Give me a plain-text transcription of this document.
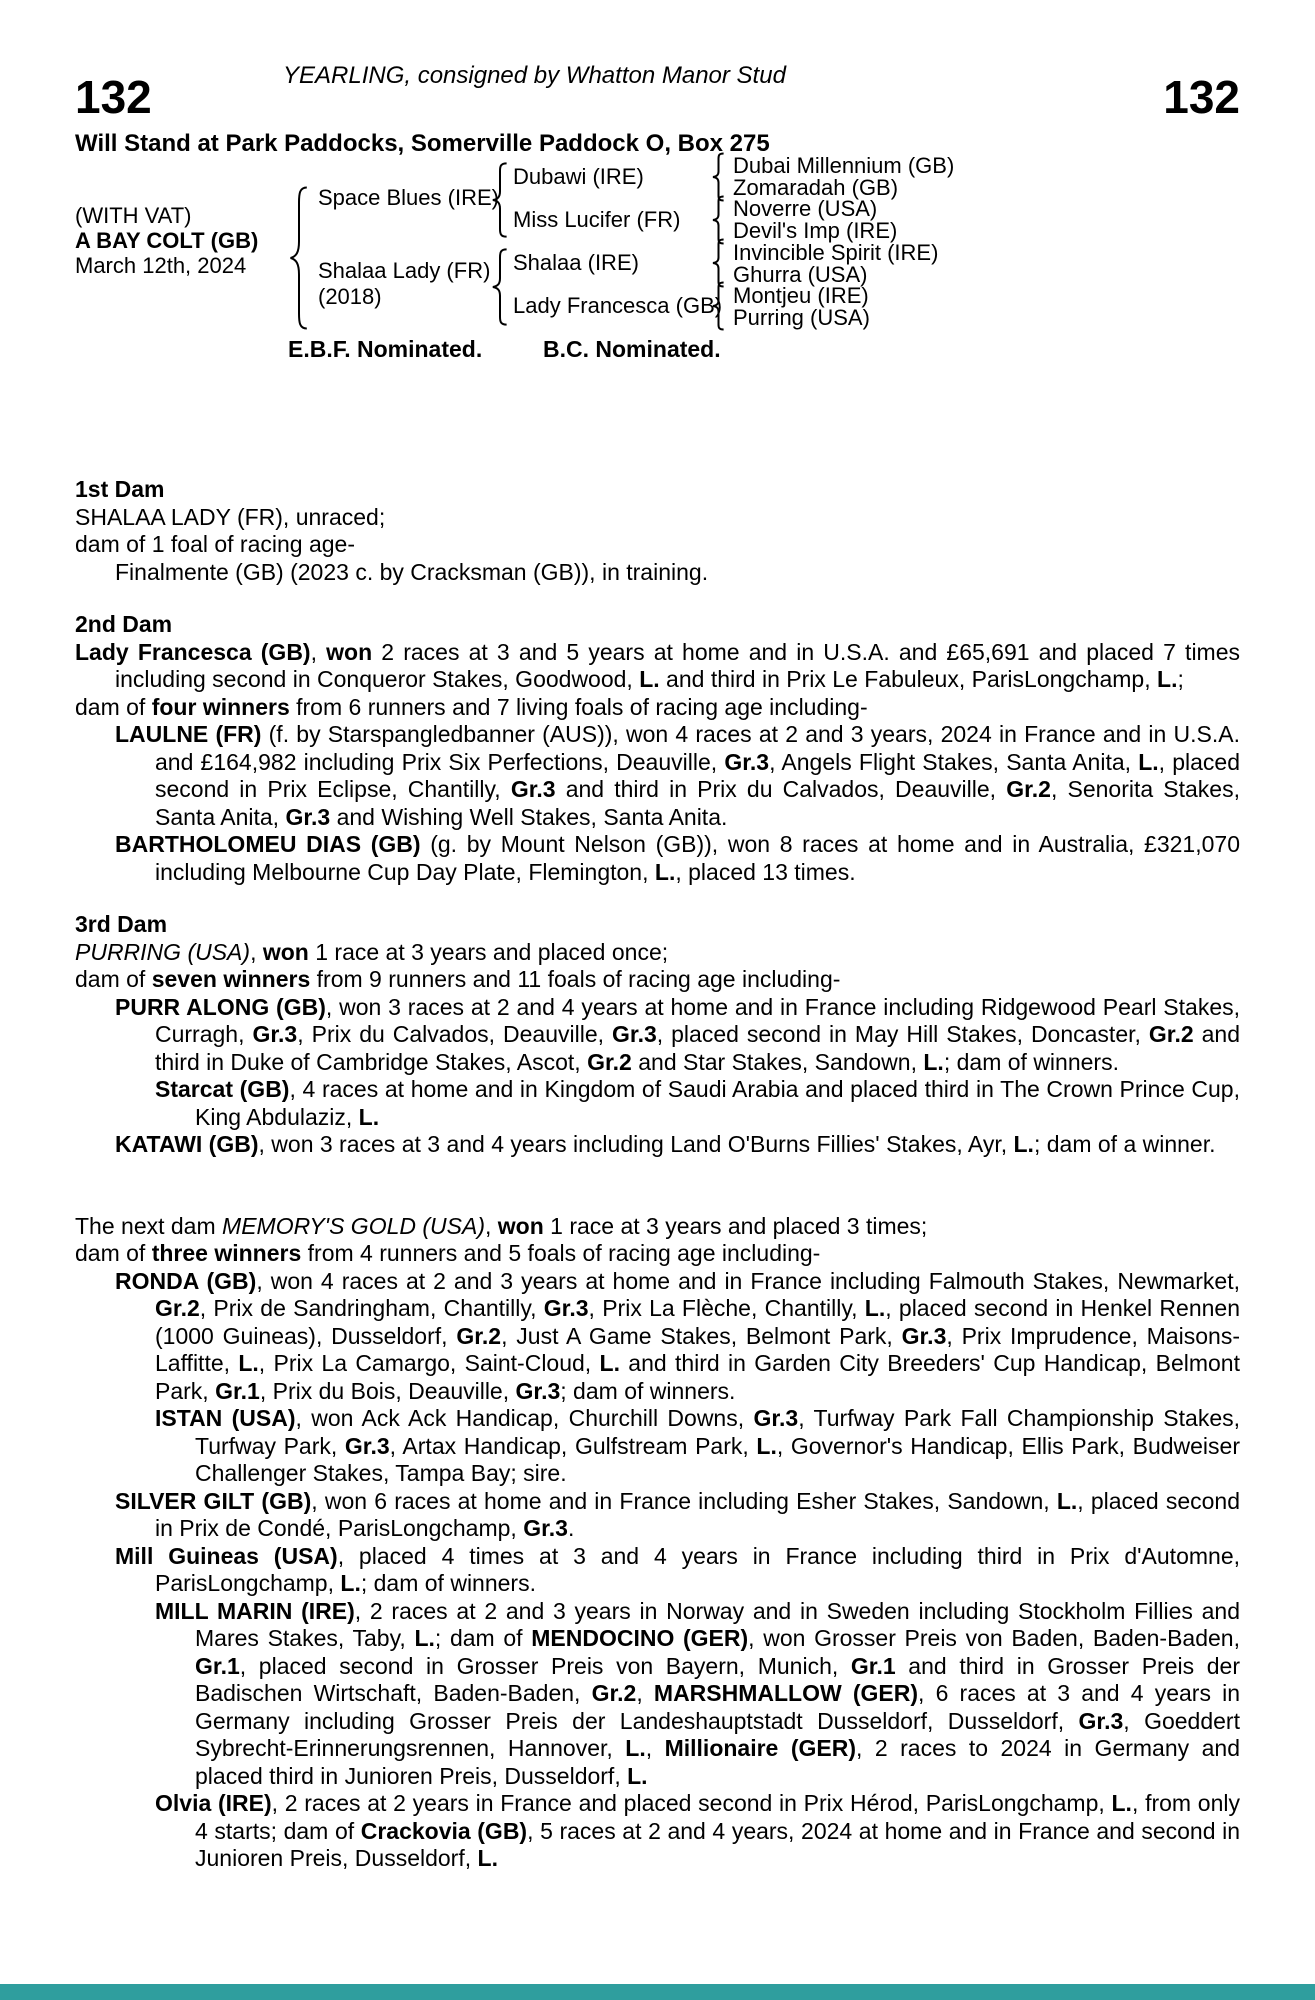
YEARLING, consigned by Whatton Manor Stud
132	132
Will Stand at Park Paddocks, Somerville Paddock O, Box 275
(WITH VAT)
A BAY COLT (GB)
March 12th, 2024
Space Blues (IRE)
Shalaa Lady (FR)
(2018)
Dubawi (IRE)
Miss Lucifer (FR)
Shalaa (IRE)
Lady Francesca (GB)
Dubai Millennium (GB)
Zomaradah (GB)
Noverre (USA)
Devil's Imp (IRE)
Invincible Spirit (IRE)
Ghurra (USA)
Montjeu (IRE)
Purring (USA)
E.B.F. Nominated.	B.C. Nominated.

1st Dam

SHALAA LADY (FR), unraced;

dam of 1 foal of racing age-

Finalmente (GB) (2023 c. by Cracksman (GB)), in training.

2nd Dam

Lady Francesca (GB), won 2 races at 3 and 5 years at home and in U.S.A. and £65,691 and placed 7 times including second in Conqueror Stakes, Goodwood, L. and third in Prix Le Fabuleux, ParisLongchamp, L.;

dam of four winners from 6 runners and 7 living foals of racing age including-

LAULNE (FR) (f. by Starspangledbanner (AUS)), won 4 races at 2 and 3 years, 2024 in France and in U.S.A. and £164,982 including Prix Six Perfections, Deauville, Gr.3, Angels Flight Stakes, Santa Anita, L., placed second in Prix Eclipse, Chantilly, Gr.3 and third in Prix du Calvados, Deauville, Gr.2, Senorita Stakes, Santa Anita, Gr.3 and Wishing Well Stakes, Santa Anita.

BARTHOLOMEU DIAS (GB) (g. by Mount Nelson (GB)), won 8 races at home and in Australia, £321,070 including Melbourne Cup Day Plate, Flemington, L., placed 13 times.

3rd Dam

PURRING (USA), won 1 race at 3 years and placed once;

dam of seven winners from 9 runners and 11 foals of racing age including-

PURR ALONG (GB), won 3 races at 2 and 4 years at home and in France including Ridgewood Pearl Stakes, Curragh, Gr.3, Prix du Calvados, Deauville, Gr.3, placed second in May Hill Stakes, Doncaster, Gr.2 and third in Duke of Cambridge Stakes, Ascot, Gr.2 and Star Stakes, Sandown, L.; dam of winners.

Starcat (GB), 4 races at home and in Kingdom of Saudi Arabia and placed third in The Crown Prince Cup, King Abdulaziz, L.

KATAWI (GB), won 3 races at 3 and 4 years including Land O'Burns Fillies' Stakes, Ayr, L.; dam of a winner.

The next dam MEMORY'S GOLD (USA), won 1 race at 3 years and placed 3 times;

dam of three winners from 4 runners and 5 foals of racing age including-

RONDA (GB), won 4 races at 2 and 3 years at home and in France including Falmouth Stakes, Newmarket, Gr.2, Prix de Sandringham, Chantilly, Gr.3, Prix La Flèche, Chantilly, L., placed second in Henkel Rennen (1000 Guineas), Dusseldorf, Gr.2, Just A Game Stakes, Belmont Park, Gr.3, Prix Imprudence, Maisons-Laffitte, L., Prix La Camargo, Saint-Cloud, L. and third in Garden City Breeders' Cup Handicap, Belmont Park, Gr.1, Prix du Bois, Deauville, Gr.3; dam of winners.

ISTAN (USA), won Ack Ack Handicap, Churchill Downs, Gr.3, Turfway Park Fall Championship Stakes, Turfway Park, Gr.3, Artax Handicap, Gulfstream Park, L., Governor's Handicap, Ellis Park, Budweiser Challenger Stakes, Tampa Bay; sire.

SILVER GILT (GB), won 6 races at home and in France including Esher Stakes, Sandown, L., placed second in Prix de Condé, ParisLongchamp, Gr.3.

Mill Guineas (USA), placed 4 times at 3 and 4 years in France including third in Prix d'Automne, ParisLongchamp, L.; dam of winners.

MILL MARIN (IRE), 2 races at 2 and 3 years in Norway and in Sweden including Stockholm Fillies and Mares Stakes, Taby, L.; dam of MENDOCINO (GER), won Grosser Preis von Baden, Baden-Baden, Gr.1, placed second in Grosser Preis von Bayern, Munich, Gr.1 and third in Grosser Preis der Badischen Wirtschaft, Baden-Baden, Gr.2, MARSHMALLOW (GER), 6 races at 3 and 4 years in Germany including Grosser Preis der Landeshauptstadt Dusseldorf, Dusseldorf, Gr.3, Goeddert Sybrecht-Erinnerungsrennen, Hannover, L., Millionaire (GER), 2 races to 2024 in Germany and placed third in Junioren Preis, Dusseldorf, L.

Olvia (IRE), 2 races at 2 years in France and placed second in Prix Hérod, ParisLongchamp, L., from only 4 starts; dam of Crackovia (GB), 5 races at 2 and 4 years, 2024 at home and in France and second in Junioren Preis, Dusseldorf, L.
